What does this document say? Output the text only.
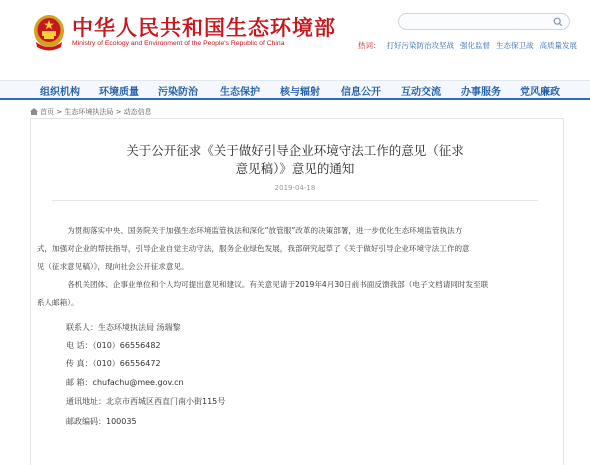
中华人民共和国生态环境部
Ministry of Ecology and Environment of the People's Republic of China	热词： 打好污染防治攻坚战 强化监督 生态保卫战 高质量发展
组织机构 环境质量 污染防治 生态保护 核与辐射 信息公开 互动交流 办事服务 党风廉政
首页 > 生态环境执法局 > 动态信息
关于公开征求《关于做好引导企业环境守法工作的意见（征求
意见稿）》意见的通知
2019-04-18

为贯彻落实中央、国务院关于加强生态环境监管执法和深化“放管服”改革的决策部署，进一步优化生态环境监管执法方
式，加强对企业的帮扶指导，引导企业自觉主动守法，服务企业绿色发展，我部研究起草了《关于做好引导企业环境守法工作的意
见（征求意见稿）》，现向社会公开征求意见。

各机关团体、企事业单位和个人均可提出意见和建议。有关意见请于2019年4月30日前书面反馈我部（电子文档请同时发至联
系人邮箱）。

联系人：生态环境执法局 汤瑞黎
电 话：（010）66556482
传 真：（010）66556472
邮 箱：chufachu@mee.gov.cn
通讯地址：北京市西城区西直门南小街115号
邮政编码：100035
